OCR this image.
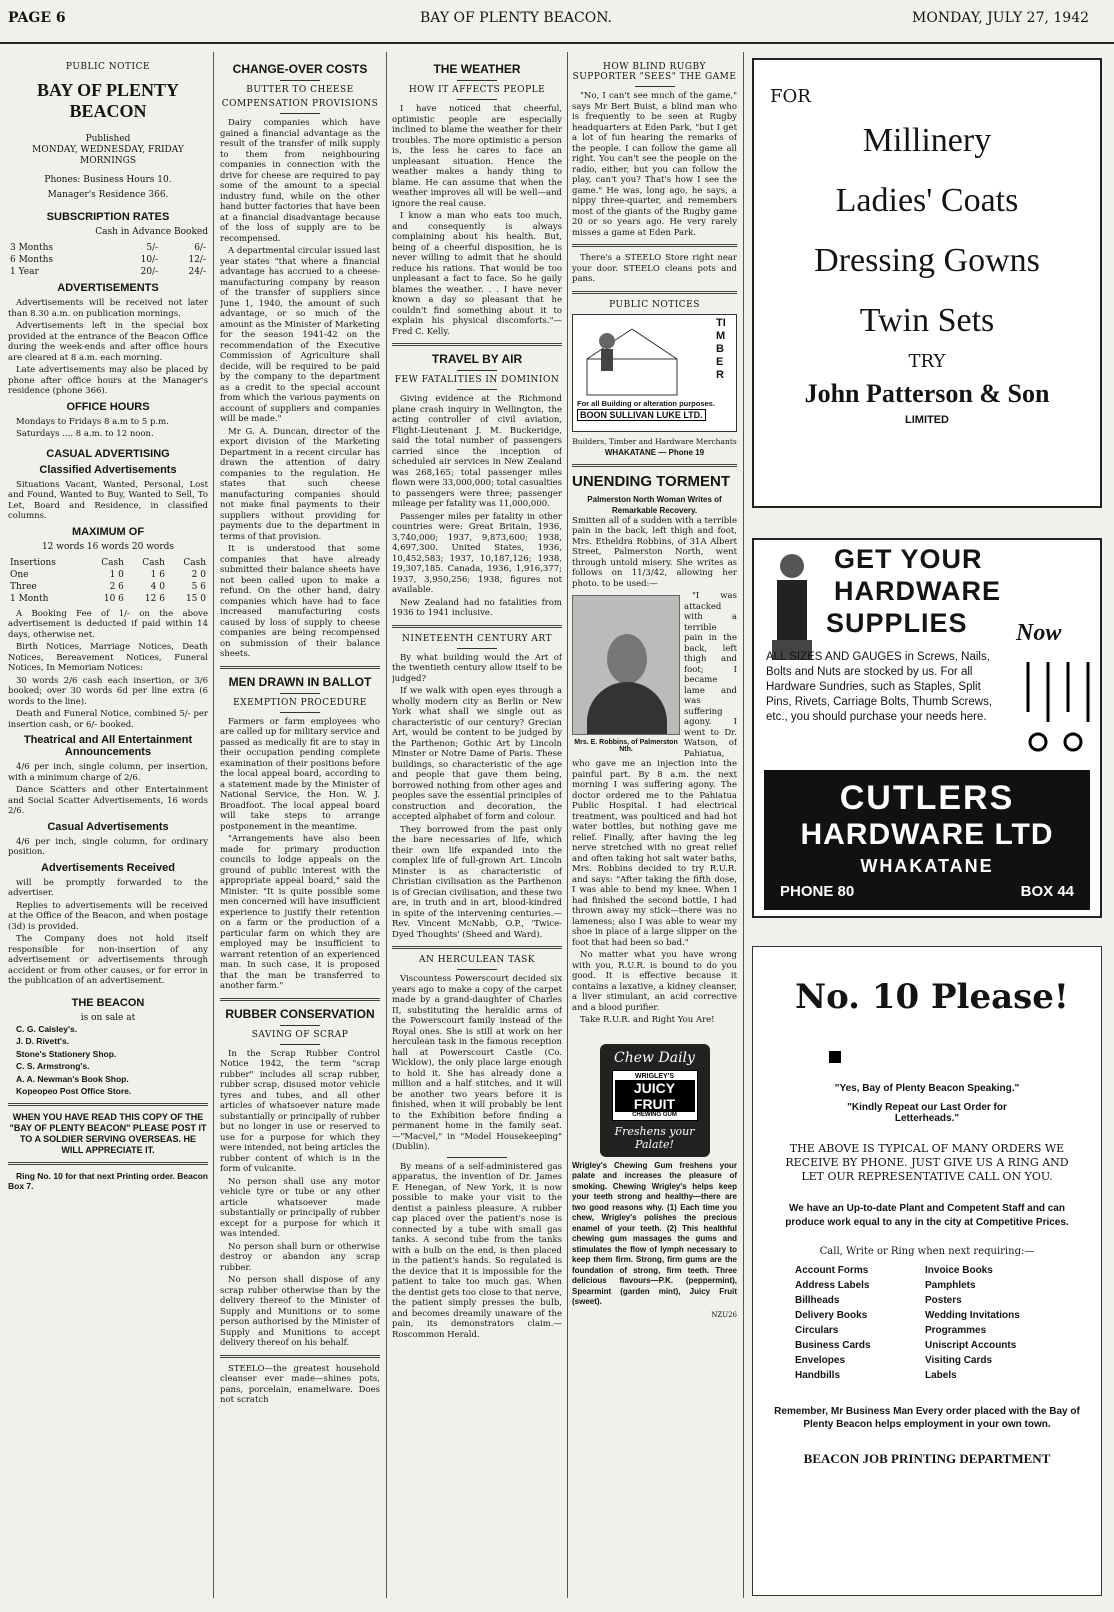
PAGE 6	BAY OF PLENTY BEACON.	MONDAY, JULY 27, 1942
PUBLIC NOTICE
BAY OF PLENTY BEACON
Published
MONDAY, WEDNESDAY, FRIDAY
MORNINGS
Phones: Business Hours 10.
Manager's Residence 366.
SUBSCRIPTION RATES
Cash in Advance Booked
3 Months	5/-	6/-
6 Months	10/-	12/-
1 Year	20/-	24/-
ADVERTISEMENTS

Advertisements will be received not later than 8.30 a.m. on publication mornings.

Advertisements left in the special box provided at the entrance of the Beacon Office during the week-ends and after office hours are cleared at 8 a.m. each morning.

Late advertisements may also be placed by phone after office hours at the Manager's residence (phone 366).

OFFICE HOURS
Mondays to Fridays 8 a.m to 5 p.m.
Saturdays .... 8 a.m. to 12 noon.
CASUAL ADVERTISING
Classified Advertisements

Situations Vacant, Wanted, Personal, Lost and Found, Wanted to Buy, Wanted to Sell, To Let, Board and Residence, in classified columns.

MAXIMUM OF
12 words 16 words 20 words
Insertions	Cash	Cash	Cash
One	1 0	1 6	2 0
Three	2 6	4 0	5 6
1 Month	10 6	12 6	15 0

A Booking Fee of 1/- on the above advertisement is deducted if paid within 14 days, otherwise net.

Birth Notices, Marriage Notices, Death Notices, Bereavement Notices, Funeral Notices, In Memoriam Notices:

30 words 2/6 cash each insertion, or 3/6 booked; over 30 words 6d per line extra (6 words to the line).

Death and Funeral Notice, combined 5/- per insertion cash, or 6/- booked.

Theatrical and All Entertainment Announcements

4/6 per inch, single column, per insertion, with a minimum charge of 2/6.

Dance Scatters and other Entertainment and Social Scatter Advertisements, 16 words 2/6.

Casual Advertisements

4/6 per inch, single column, for ordinary position.

Advertisements Received

will be promptly forwarded to the advertiser.

Replies to advertisements will be received at the Office of the Beacon, and when postage (3d) is provided.

The Company does not hold itself responsible for non-insertion of any advertisement or advertisements through accident or from other causes, or for error in the publication of an advertisement.

THE BEACON
is on sale at
C. G. Caisley's.
J. D. Rivett's.
Stone's Stationery Shop.
C. S. Armstrong's.
A. A. Newman's Book Shop.
Kopeopeo Post Office Store.

WHEN YOU HAVE READ THIS COPY OF THE "BAY OF PLENTY BEACON" PLEASE POST IT TO A SOLDIER SERVING OVERSEAS. HE WILL APPRECIATE IT.

Ring No. 10 for that next Printing order. Beacon Box 7.

CHANGE-OVER COSTS
BUTTER TO CHEESE
COMPENSATION PROVISIONS

Dairy companies which have gained a financial advantage as the result of the transfer of milk supply to them from neighbouring companies in connection with the drive for cheese are required to pay some of the amount to a special industry fund, while on the other hand butter factories that have been at a financial disadvantage because of the loss of supply are to be recompensed.

A departmental circular issued last year states "that where a financial advantage has accrued to a cheese-manufacturing company by reason of the transfer of suppliers since June 1, 1940, the amount of such advantage, or so much of the amount as the Minister of Marketing for the season 1941-42 on the recommendation of the Executive Commission of Agriculture shall decide, will be required to be paid by the company to the department as a credit to the special account from which the various payments on account of suppliers and companies will be made."

Mr G. A. Duncan, director of the export division of the Marketing Department in a recent circular has drawn the attention of dairy companies to the regulation. He states that such cheese manufacturing companies should not make final payments to their suppliers without providing for payments due to the department in terms of that provision.

It is understood that some companies that have already submitted their balance sheets have not been called upon to make a refund. On the other hand, dairy companies which have had to face increased manufacturing costs caused by loss of supply to cheese companies are being recompensed on submission of their balance sheets.

MEN DRAWN IN BALLOT
EXEMPTION PROCEDURE

Farmers or farm employees who are called up for military service and passed as medically fit are to stay in their occupation pending complete examination of their positions before the local appeal board, according to a statement made by the Minister of National Service, the Hon. W. J. Broadfoot. The local appeal board will take steps to arrange postponement in the meantime.

"Arrangements have also been made for primary production councils to lodge appeals on the ground of public interest with the appropriate appeal board," said the Minister. "It is quite possible some men concerned will have insufficient experience to justify their retention on a farm or the production of a particular farm on which they are employed may be insufficient to warrant retention of an experienced man. In such case, it is proposed that the man be transferred to another farm."

RUBBER CONSERVATION
SAVING OF SCRAP

In the Scrap Rubber Control Notice 1942, the term "scrap rubber" includes all scrap rubber, rubber scrap, disused motor vehicle tyres and tubes, and all other articles of whatsoever nature made substantially or principally of rubber but no longer in use or reserved to use for a purpose for which they were intended, not being articles the rubber content of which is in the form of vulcanite.

No person shall use any motor vehicle tyre or tube or any other article whatsoever made substantially or principally of rubber except for a purpose for which it was intended.

No person shall burn or otherwise destroy or abandon any scrap rubber.

No person shall dispose of any scrap rubber otherwise than by the delivery thereof to the Minister of Supply and Munitions or to some person authorised by the Minister of Supply and Munitions to accept delivery thereof on his behalf.

STEELO—the greatest household cleanser ever made—shines pots, pans, porcelain, enamelware. Does not scratch

THE WEATHER
HOW IT AFFECTS PEOPLE

I have noticed that cheerful, optimistic people are especially inclined to blame the weather for their troubles. The more optimistic a person is, the less he cares to face an unpleasant situation. Hence the weather makes a handy thing to blame. He can assume that when the weather improves all will be well—and ignore the real cause.

I know a man who eats too much, and consequently is always complaining about his health. But, being of a cheerful disposition, he is never willing to admit that he should reduce his rations. That would be too unpleasant a fact to face. So he gaily blames the weather. . . I have never known a day so pleasant that he couldn't find something about it to explain his physical discomforts."—Fred C. Kelly.

TRAVEL BY AIR
FEW FATALITIES IN DOMINION

Giving evidence at the Richmond plane crash inquiry in Wellington, the acting controller of civil aviation, Flight-Lieutenant J. M. Buckeridge, said the total number of passengers carried since the inception of scheduled air services in New Zealand was 268,165; total passenger miles flown were 33,000,000; total casualties to passengers were three; passenger mileage per fatality was 11,000,000.

Passenger miles per fatality in other countries were: Great Britain, 1936, 3,740,000; 1937, 9,873,600; 1938, 4,697,300. United States, 1936, 10,452,583; 1937, 10,187,126; 1938, 19,307,185. Canada, 1936, 1,916,377; 1937, 3,950,256; 1938, figures not available.

New Zealand had no fatalities from 1936 to 1941 inclusive.

NINETEENTH CENTURY ART

By what building would the Art of the twentieth century allow itself to be judged?

If we walk with open eyes through a wholly modern city as Berlin or New York what shall we single out as characteristic of our century? Grecian Art, would be content to be judged by the Parthenon; Gothic Art by Lincoln Minster or Notre Dame of Paris. These buildings, so characteristic of the age and people that gave them being, borrowed nothing from other ages and peoples save the essential principles of construction and decoration, the accepted alphabet of form and colour.

They borrowed from the past only the bare necessaries of life, which their own life expanded into the complex life of full-grown Art. Lincoln Minster is as characteristic of Christian civilisation as the Parthenon is of Grecian civilisation, and these two are, in truth and in art, blood-kindred in spite of the intervening centuries.—Rev. Vincent McNabb, O.P., 'Twice-Dyed Thoughts' (Sheed and Ward).

AN HERCULEAN TASK

Viscountess Powerscourt decided six years ago to make a copy of the carpet made by a grand-daughter of Charles II, substituting the heraldic arms of the Powerscourt family instead of the Royal ones. She is still at work on her herculean task in the famous reception hall at Powerscourt Castle (Co. Wicklow), the only place large enough to hold it. She has already done a million and a half stitches, and it will be another two years before it is finished, when it will probably be lent to the Exhibition before finding a permanent home in the family seat.—"Macvel," in "Model Housekeeping" (Dublin).

By means of a self-administered gas apparatus, the invention of Dr. James F. Henegan, of New York, it is now possible to make your visit to the dentist a painless pleasure. A rubber cap placed over the patient's nose is connected by a tube with small gas tanks. A second tube from the tanks with a bulb on the end, is then placed in the patient's hands. So regulated is the device that it is impossible for the patient to take too much gas. When the dentist gets too close to that nerve, the patient simply presses the bulb, and becomes dreamily unaware of the pain, its demonstrators claim.—Roscommon Herald.

HOW BLIND RUGBY SUPPORTER "SEES" THE GAME

"No, I can't see much of the game," says Mr Bert Buist, a blind man who is frequently to be seen at Rugby headquarters at Eden Park, "but I get a lot of fun hearing the remarks of the people. I can follow the game all right. You can't see the people on the radio, either, but you can follow the play, can't you? That's how I see the game." He was, long ago, he says, a nippy three-quarter, and remembers most of the giants of the Rugby game 20 or so years ago. He very rarely misses a game at Eden Park.

There's a STEELO Store right near your door. STEELO cleans pots and pans.

PUBLIC NOTICES
TIMBER
For all Building or alteration purposes.
BOON SULLIVAN LUKE LTD.
Builders, Timber and Hardware Merchants
WHAKATANE — Phone 19
UNENDING TORMENT
Palmerston North Woman Writes of Remarkable Recovery.

Smitten all of a sudden with a terrible pain in the back, left thigh and foot, Mrs. Etheldra Robbins, of 31A Albert Street, Palmerston North, went through untold misery. She writes as follows on 11/3/42, allowing her photo. to be used:—

Mrs. E. Robbins, of Palmerston Nth.

"I was attacked with a terrible pain in the back, left thigh and foot; I became lame and was suffering agony. I went to Dr. Watson, of Pahiatua, who gave me an injection into the painful part. By 8 a.m. the next morning I was suffering agony. The doctor ordered me to the Pahiatua Public Hospital. I had electrical treatment, was poulticed and had hot water bottles, but nothing gave me relief. Finally, after having the leg nerve stretched with no great relief and often taking hot salt water baths, Mrs. Robbins decided to try R.U.R. and says: "After taking the fifth dose, I was able to bend my knee. When I had finished the second bottle, I had thrown away my stick—there was no lameness; also I was able to wear my shoe in place of a large slipper on the foot that had been so bad."

No matter what you have wrong with you, R.U.R. is bound to do you good. It is effective because it contains a laxative, a kidney cleanser, a liver stimulant, an acid corrective and a blood purifier.

Take R.U.R. and Right You Are!

Chew Daily
WRIGLEY'S
JUICY FRUIT
CHEWING GUM
Freshens your Palate!

Wrigley's Chewing Gum freshens your palate and increases the pleasure of smoking. Chewing Wrigley's helps keep your teeth strong and healthy—there are two good reasons why. (1) Each time you chew, Wrigley's polishes the precious enamel of your teeth. (2) This healthful chewing gum massages the gums and stimulates the flow of lymph necessary to keep them firm. Strong, firm gums are the foundation of strong, firm teeth. Three delicious flavours—P.K. (peppermint), Spearmint (garden mint), Juicy Fruit (sweet).

NZU26
FOR
Millinery
Ladies' Coats
Dressing Gowns
Twin Sets
TRY
John Patterson & Son
LIMITED
GET YOUR
HARDWARE
SUPPLIES Now
ALL SIZES AND GAUGES in Screws, Nails, Bolts and Nuts are stocked by us. For all Hardware Sundries, such as Staples, Split Pins, Rivets, Carriage Bolts, Thumb Screws, etc., you should purchase your needs here.
CUTLERS
HARDWARE LTD
WHAKATANE
PHONE 80	BOX 44
No. 10 Please!
"Yes, Bay of Plenty Beacon Speaking."
"Kindly Repeat our Last Order for Letterheads."
THE ABOVE IS TYPICAL OF MANY ORDERS WE RECEIVE BY PHONE. JUST GIVE US A RING AND LET OUR REPRESENTATIVE CALL ON YOU.
We have an Up-to-date Plant and Competent Staff and can produce work equal to any in the city at Competitive Prices.
Call, Write or Ring when next requiring:—
Account Forms
Address Labels
Billheads
Delivery Books
Circulars
Business Cards
Envelopes
Handbills
Invoice Books
Pamphlets
Posters
Wedding Invitations
Programmes
Uniscript Accounts
Visiting Cards
Labels
Remember, Mr Business Man Every order placed with the Bay of Plenty Beacon helps employment in your own town.
BEACON JOB PRINTING DEPARTMENT
